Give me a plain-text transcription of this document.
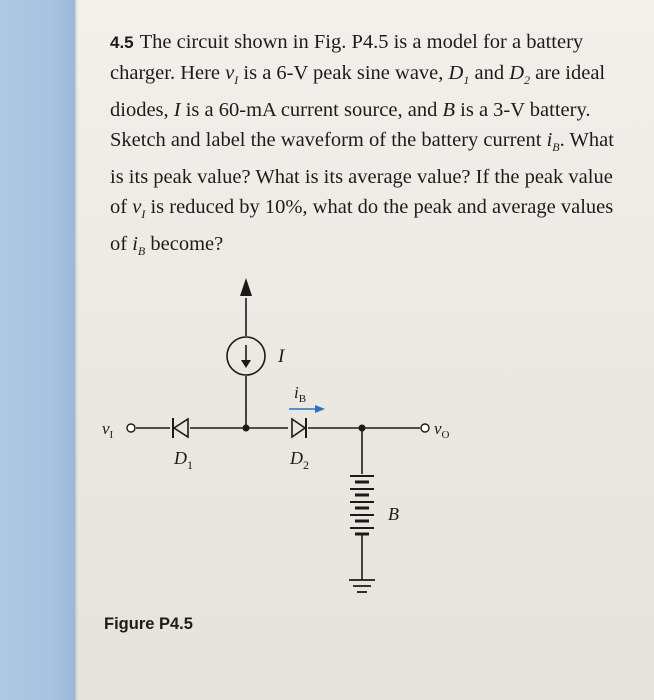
4.5 The circuit shown in Fig. P4.5 is a model for a battery
charger. Here $v_I$ is a 6-V peak sine wave, $D_1$ and $D_2$ are ideal
diodes, I is a 60-mA current source, and B is a 3-V battery.
Sketch and label the waveform of the battery current $i_B$. What
is its peak value? What is its average value? If the peak value
of $v_I$ is reduced by 10%, what do the peak and average values
of $i_B$ become?

I
$v_I$
$D_1$
$i_B$
$D_2$
$v_O$
B
Figure P4.5
